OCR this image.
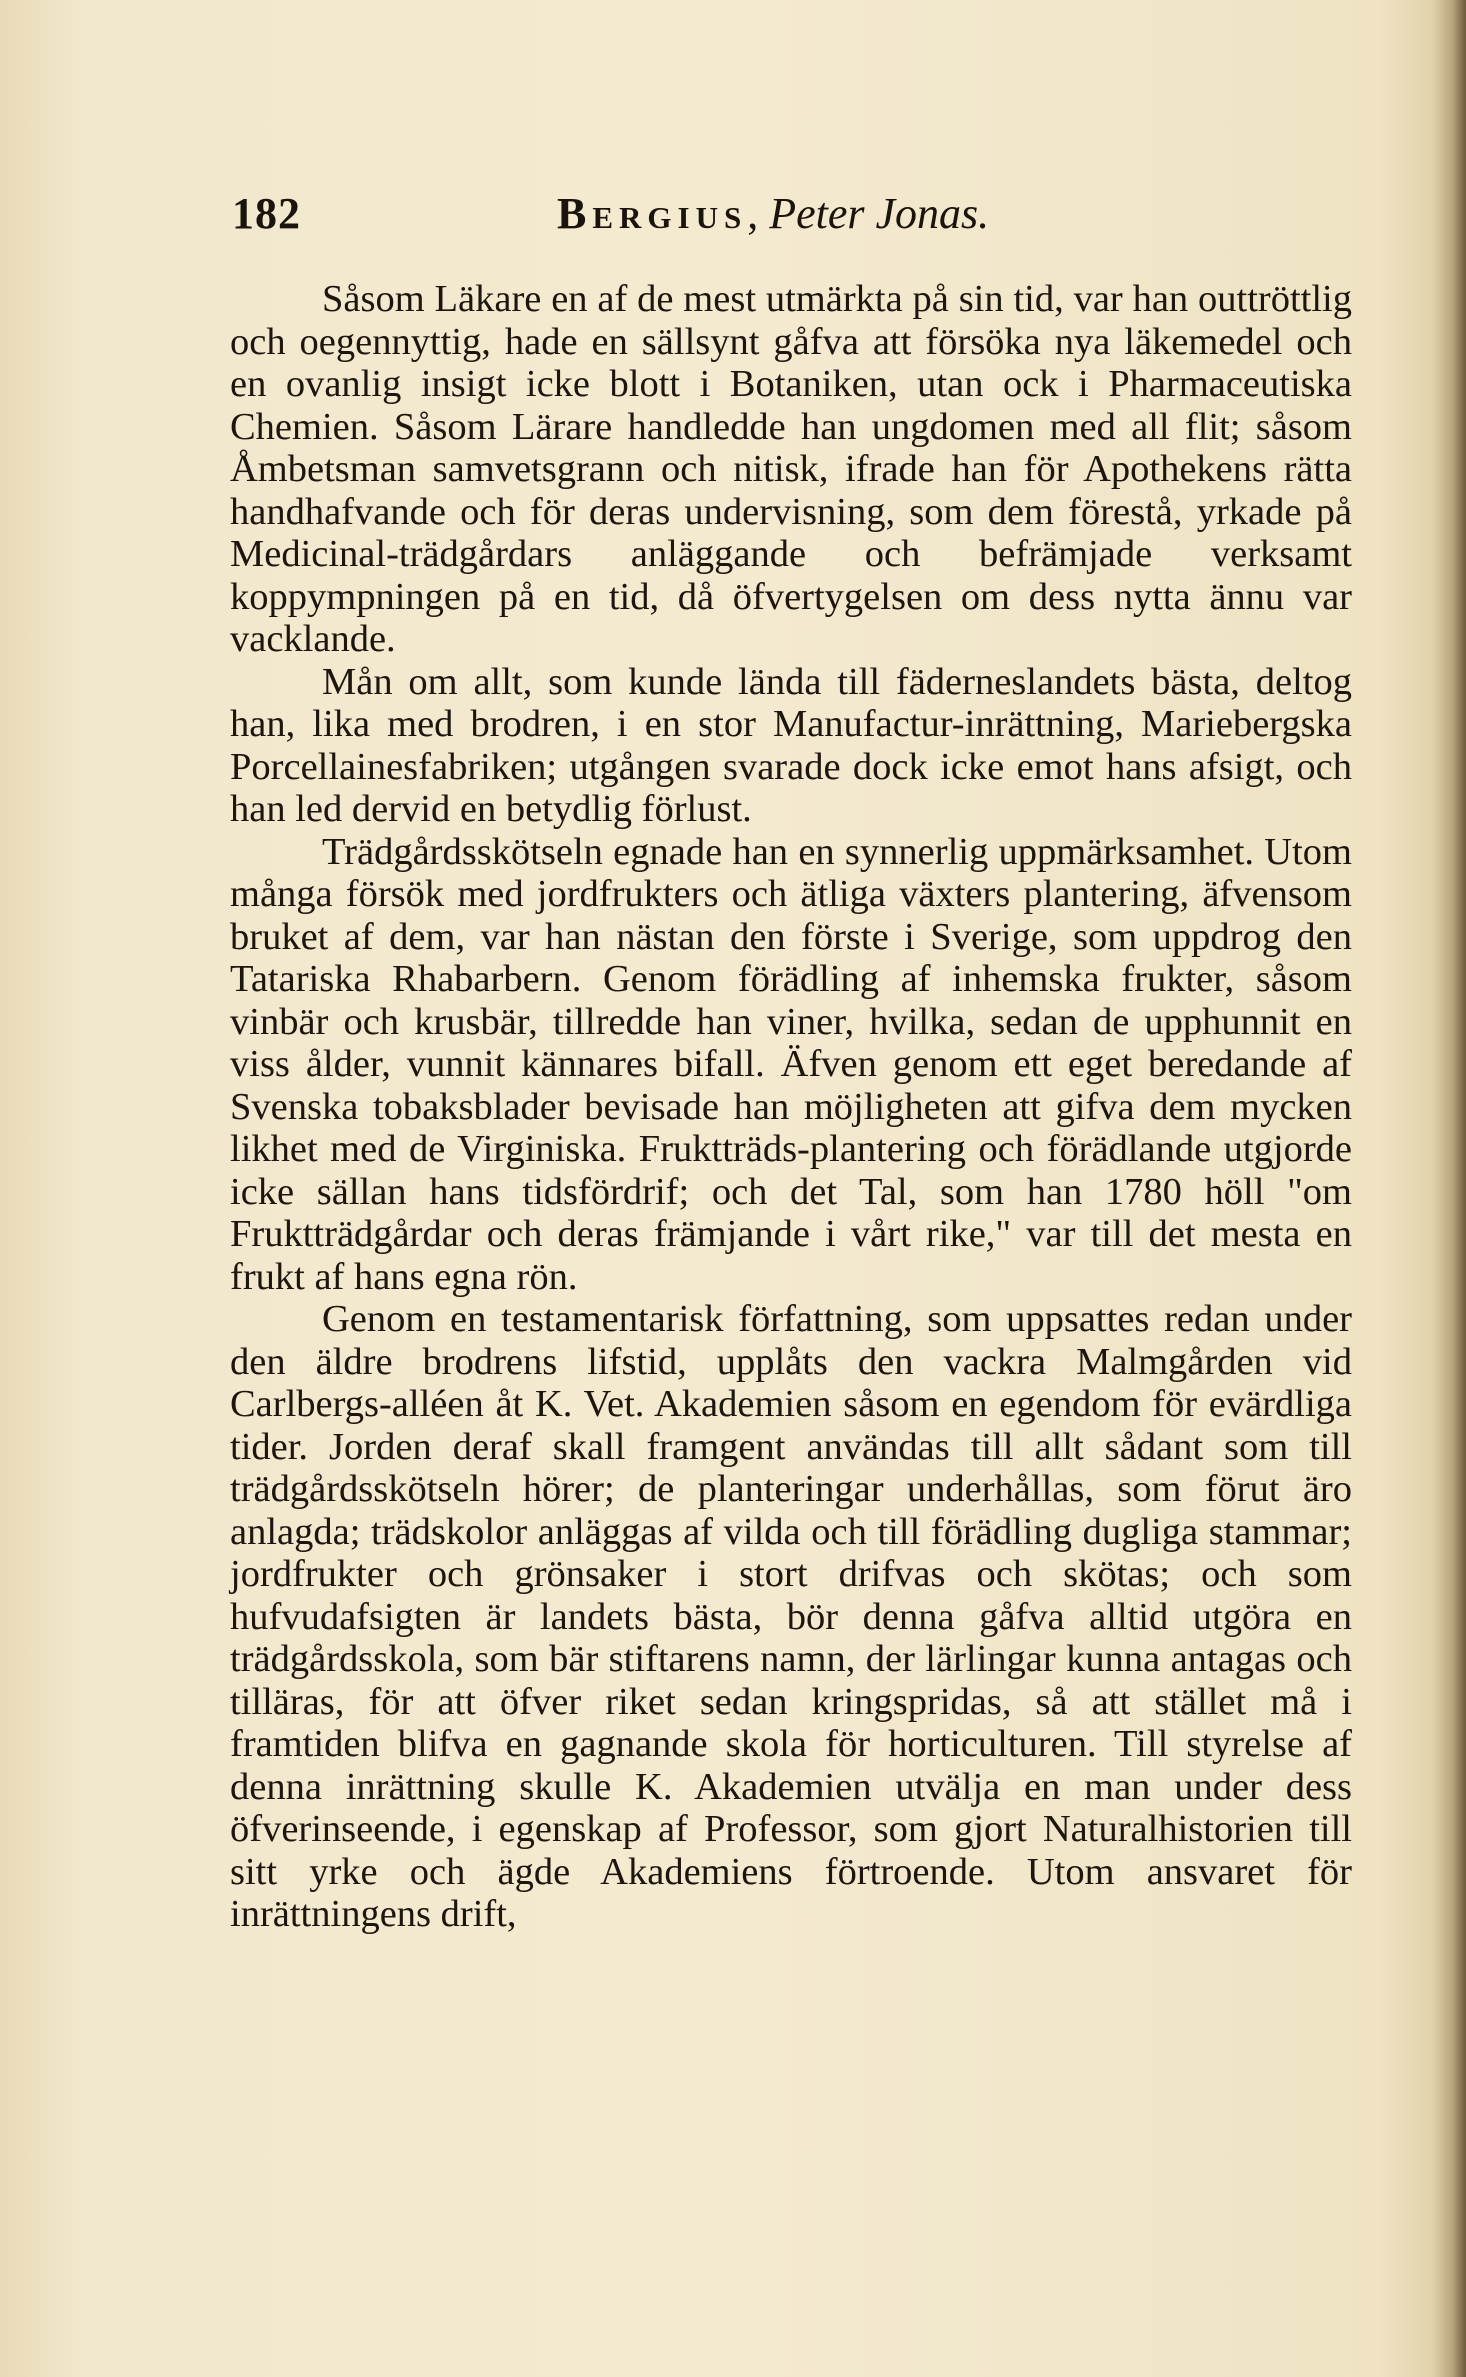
182	Bergius, Peter Jonas.

Såsom Läkare en af de mest utmärkta på sin tid, var han outtröttlig och oegennyttig, hade en sällsynt gåfva att försöka nya läkemedel och en ovanlig insigt icke blott i Botaniken, utan ock i Pharmaceutiska Chemien. Såsom Lärare handledde han ungdomen med all flit; såsom Åmbetsman samvetsgrann och nitisk, ifrade han för Apothekens rätta handhafvande och för deras undervisning, som dem förestå, yrkade på Medicinal-trädgårdars anläggande och befrämjade verksamt koppympningen på en tid, då öfvertygelsen om dess nytta ännu var vacklande.

Mån om allt, som kunde lända till fäderneslandets bästa, deltog han, lika med brodren, i en stor Manufactur-inrättning, Mariebergska Porcellainesfabriken; utgången svarade dock icke emot hans afsigt, och han led dervid en betydlig förlust.

Trädgårdsskötseln egnade han en synnerlig uppmärksamhet. Utom många försök med jordfrukters och ätliga växters plantering, äfvensom bruket af dem, var han nästan den förste i Sverige, som uppdrog den Tatariska Rhabarbern. Genom förädling af inhemska frukter, såsom vinbär och krusbär, tillredde han viner, hvilka, sedan de upphunnit en viss ålder, vunnit kännares bifall. Äfven genom ett eget beredande af Svenska tobaksblader bevisade han möjligheten att gifva dem mycken likhet med de Virginiska. Fruktträds-plantering och förädlande utgjorde icke sällan hans tidsfördrif; och det Tal, som han 1780 höll "om Fruktträdgårdar och deras främjande i vårt rike," var till det mesta en frukt af hans egna rön.

Genom en testamentarisk författning, som uppsattes redan under den äldre brodrens lifstid, upplåts den vackra Malmgården vid Carlbergs-alléen åt K. Vet. Akademien såsom en egendom för evärdliga tider. Jorden deraf skall framgent användas till allt sådant som till trädgårdsskötseln hörer; de planteringar underhållas, som förut äro anlagda; trädskolor anläggas af vilda och till förädling dugliga stammar; jordfrukter och grönsaker i stort drifvas och skötas; och som hufvudafsigten är landets bästa, bör denna gåfva alltid utgöra en trädgårdsskola, som bär stiftarens namn, der lärlingar kunna antagas och tilläras, för att öfver riket sedan kringspridas, så att stället må i framtiden blifva en gagnande skola för horticulturen. Till styrelse af denna inrättning skulle K. Akademien utvälja en man under dess öfverinseende, i egenskap af Professor, som gjort Naturalhistorien till sitt yrke och ägde Akademiens förtroende. Utom ansvaret för inrättningens drift,
